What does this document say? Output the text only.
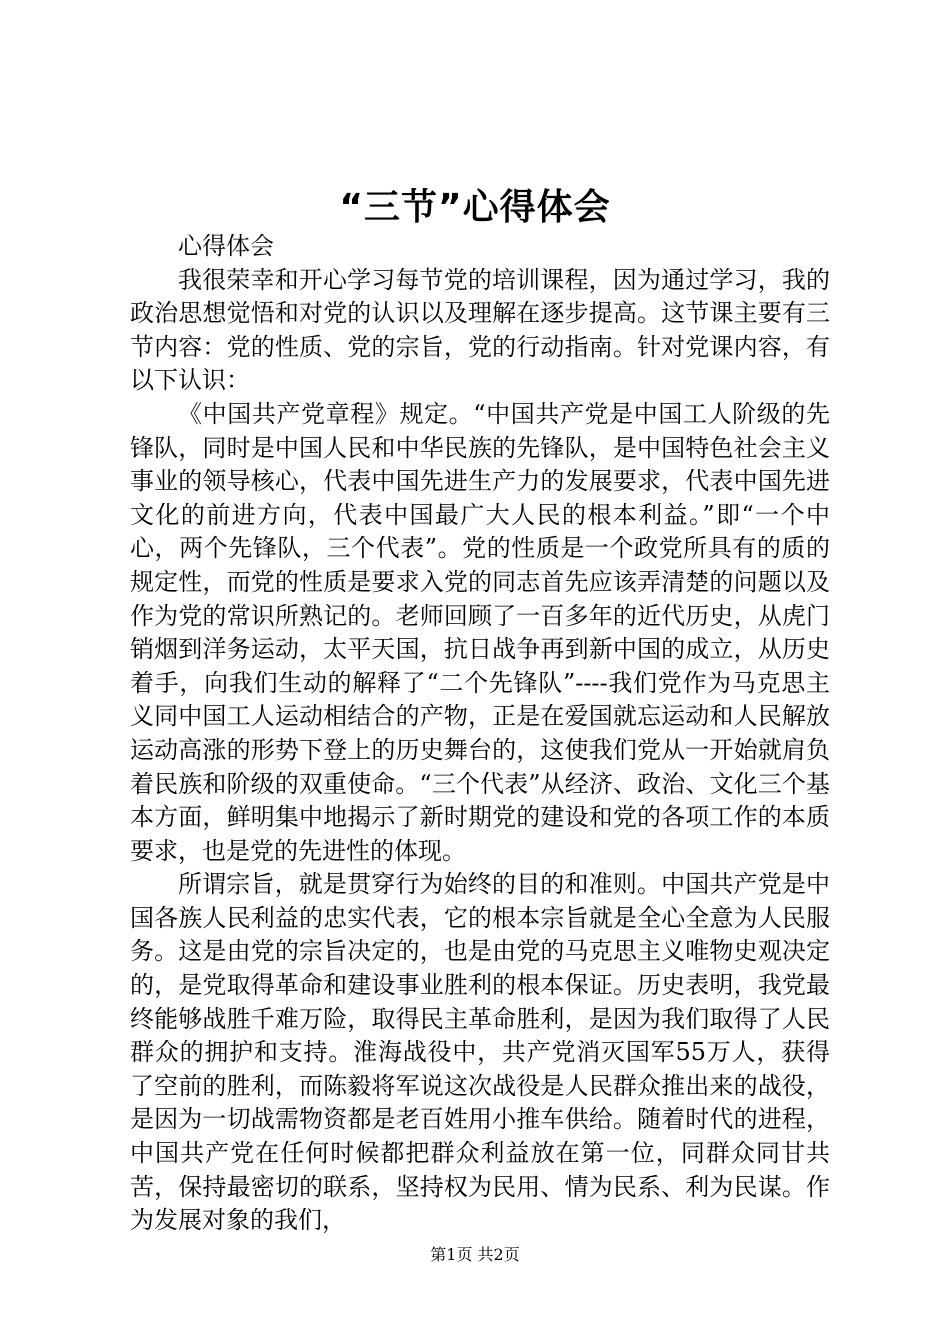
“三节”心得体会

心得体会

我很荣幸和开心学习每节党的培训课程，因为通过学习，我的政治思想觉悟和对党的认识以及理解在逐步提高。这节课主要有三节内容：党的性质、党的宗旨，党的行动指南。针对党课内容，有以下认识：

《中国共产党章程》规定。“中国共产党是中国工人阶级的先锋队，同时是中国人民和中华民族的先锋队，是中国特色社会主义事业的领导核心，代表中国先进生产力的发展要求，代表中国先进文化的前进方向，代表中国最广大人民的根本利益。”即“一个中心，两个先锋队，三个代表”。党的性质是一个政党所具有的质的规定性，而党的性质是要求入党的同志首先应该弄清楚的问题以及作为党的常识所熟记的。老师回顾了一百多年的近代历史，从虎门销烟到洋务运动，太平天国，抗日战争再到新中国的成立，从历史着手，向我们生动的解释了“二个先锋队”----我们党作为马克思主义同中国工人运动相结合的产物，正是在爱国就忘运动和人民解放运动高涨的形势下登上的历史舞台的，这使我们党从一开始就肩负着民族和阶级的双重使命。“三个代表”从经济、政治、文化三个基本方面，鲜明集中地揭示了新时期党的建设和党的各项工作的本质要求，也是党的先进性的体现。

所谓宗旨，就是贯穿行为始终的目的和准则。中国共产党是中国各族人民利益的忠实代表，它的根本宗旨就是全心全意为人民服务。这是由党的宗旨决定的，也是由党的马克思主义唯物史观决定的，是党取得革命和建设事业胜利的根本保证。历史表明，我党最终能够战胜千难万险，取得民主革命胜利，是因为我们取得了人民群众的拥护和支持。淮海战役中，共产党消灭国军55万人，获得了空前的胜利，而陈毅将军说这次战役是人民群众推出来的战役，是因为一切战需物资都是老百姓用小推车供给。随着时代的进程，中国共产党在任何时候都把群众利益放在第一位，同群众同甘共苦，保持最密切的联系，坚持权为民用、情为民系、利为民谋。作为发展对象的我们，

第1页 共2页
